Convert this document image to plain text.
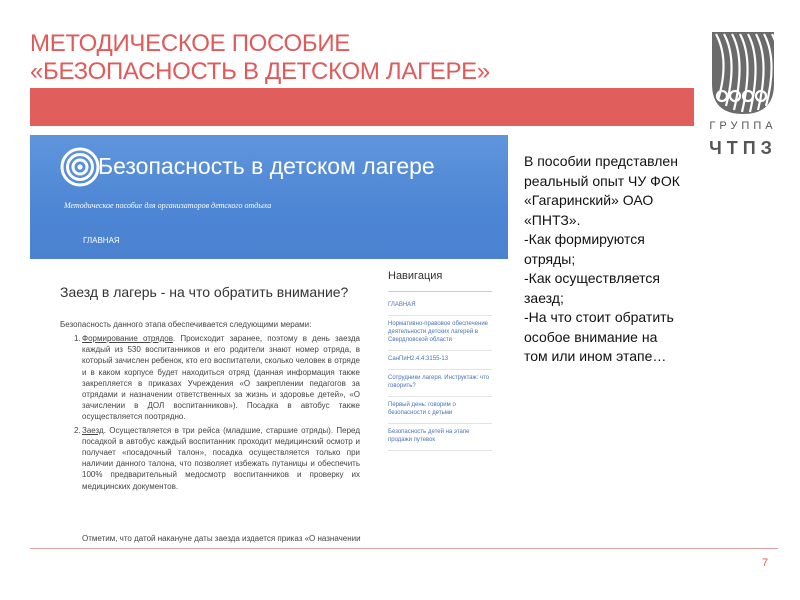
МЕТОДИЧЕСКОЕ ПОСОБИЕ
«БЕЗОПАСНОСТЬ В ДЕТСКОМ ЛАГЕРЕ»
ГРУППА
ЧТПЗ
Безопасность в детском лагере
Методическое пособие для организаторов детского отдыха
ГЛАВНАЯ
Заезд в лагерь - на что обратить внимание?
Безопасность данного этапа обеспечивается следующими мерами:
1. Формирование отрядов. Происходит заранее, поэтому в день заезда каждый из 530 воспитанников и его родители знают номер отряда, в который зачислен ребенок, кто его воспитатели, сколько человек в отряде и в каком корпусе будет находиться отряд (данная информация также закрепляется в приказах Учреждения «О закреплении педагогов за отрядами и назначении ответственных за жизнь и здоровье детей», «О зачислении в ДОЛ воспитанников»). Посадка в автобус также осуществляется поотрядно.
2. Заезд. Осуществляется в три рейса (младшие, старшие отряды). Перед посадкой в автобус каждый воспитанник проходит медицинский осмотр и получает «посадочный талон», посадка осуществляется только при наличии данного талона, что позволяет избежать путаницы и обеспечить 100% предварительный медосмотр воспитанников и проверку их медицинских документов.
Отметим, что датой накануне даты заезда издается приказ «О назначении
Навигация
ГЛАВНАЯ
Нормативно-правовое обеспечение деятельности детских лагерей в Свердловской области
СанПиН2.4.4.3155-13
Сотрудники лагеря. Инструктаж: что говорить?
Первый день: говорим о безопасности с детьми
Безопасность детей на этапе продажи путевок
В пособии представлен
реальный опыт ЧУ ФОК
«Гагаринский» ОАО
«ПНТЗ».
-Как формируются
отряды;
-Как осуществляется
заезд;
-На что стоит обратить
особое внимание на
том или ином этапе…
7
